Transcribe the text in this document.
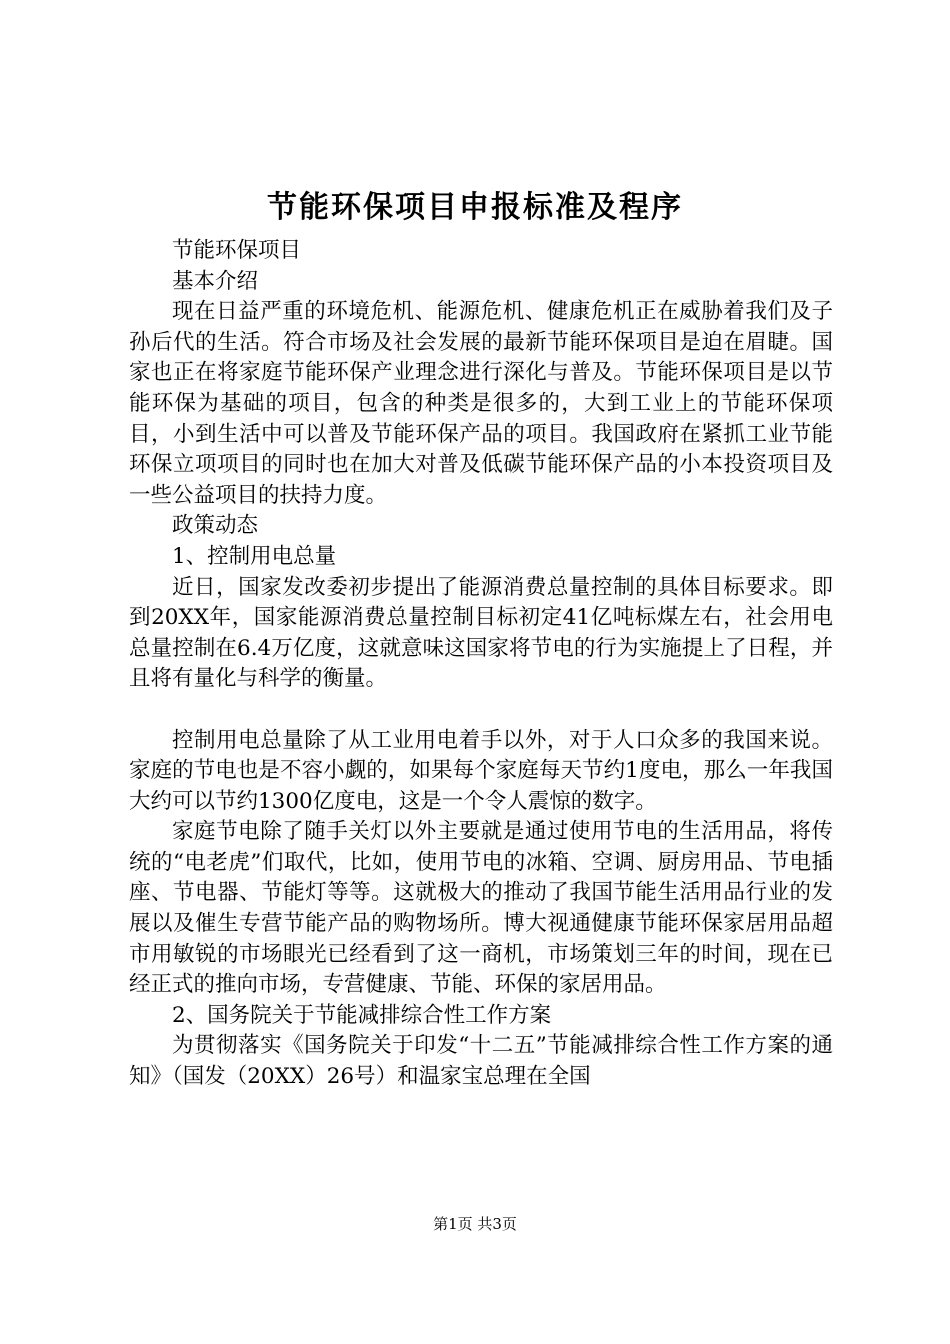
节能环保项目申报标准及程序

节能环保项目

基本介绍

现在日益严重的环境危机、能源危机、健康危机正在威胁着我们及子孙后代的生活。符合市场及社会发展的最新节能环保项目是迫在眉睫。国家也正在将家庭节能环保产业理念进行深化与普及。节能环保项目是以节能环保为基础的项目，包含的种类是很多的，大到工业上的节能环保项目，小到生活中可以普及节能环保产品的项目。我国政府在紧抓工业节能环保立项项目的同时也在加大对普及低碳节能环保产品的小本投资项目及一些公益项目的扶持力度。

政策动态

1、控制用电总量

近日，国家发改委初步提出了能源消费总量控制的具体目标要求。即到20XX年，国家能源消费总量控制目标初定41亿吨标煤左右，社会用电总量控制在6.4万亿度，这就意味这国家将节电的行为实施提上了日程，并且将有量化与科学的衡量。

控制用电总量除了从工业用电着手以外，对于人口众多的我国来说。家庭的节电也是不容小觑的，如果每个家庭每天节约1度电，那么一年我国大约可以节约1300亿度电，这是一个令人震惊的数字。

家庭节电除了随手关灯以外主要就是通过使用节电的生活用品，将传统的“电老虎”们取代，比如，使用节电的冰箱、空调、厨房用品、节电插座、节电器、节能灯等等。这就极大的推动了我国节能生活用品行业的发展以及催生专营节能产品的购物场所。博大视通健康节能环保家居用品超市用敏锐的市场眼光已经看到了这一商机，市场策划三年的时间，现在已经正式的推向市场，专营健康、节能、环保的家居用品。

2、国务院关于节能减排综合性工作方案

为贯彻落实《国务院关于印发“十二五”节能减排综合性工作方案的通知》（国发（20XX）26号）和温家宝总理在全国

第1页 共3页
